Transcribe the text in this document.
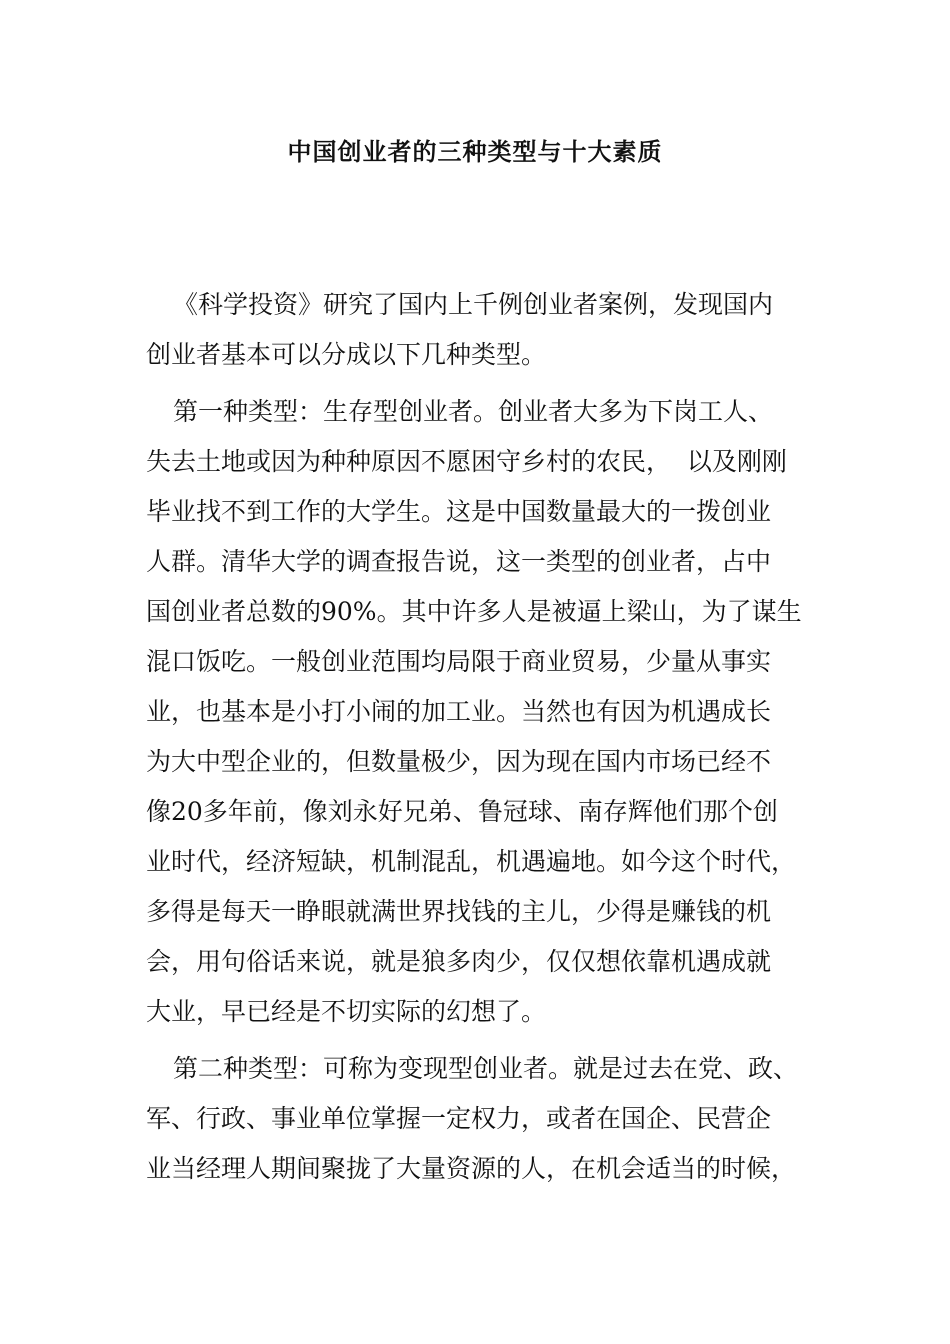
中国创业者的三种类型与十大素质

《科学投资》研究了国内上千例创业者案例，发现国内
创业者基本可以分成以下几种类型。

第一种类型：生存型创业者。创业者大多为下岗工人、
失去土地或因为种种原因不愿困守乡村的农民，  以及刚刚
毕业找不到工作的大学生。这是中国数量最大的一拨创业
人群。清华大学的调查报告说，这一类型的创业者，占中
国创业者总数的90%。其中许多人是被逼上梁山，为了谋生
混口饭吃。一般创业范围均局限于商业贸易，少量从事实
业，也基本是小打小闹的加工业。当然也有因为机遇成长
为大中型企业的，但数量极少，因为现在国内市场已经不
像20多年前，像刘永好兄弟、鲁冠球、南存辉他们那个创
业时代，经济短缺，机制混乱，机遇遍地。如今这个时代，
多得是每天一睁眼就满世界找钱的主儿，少得是赚钱的机
会，用句俗话来说，就是狼多肉少，仅仅想依靠机遇成就
大业，早已经是不切实际的幻想了。

第二种类型：可称为变现型创业者。就是过去在党、政、
军、行政、事业单位掌握一定权力，或者在国企、民营企
业当经理人期间聚拢了大量资源的人，在机会适当的时候，
